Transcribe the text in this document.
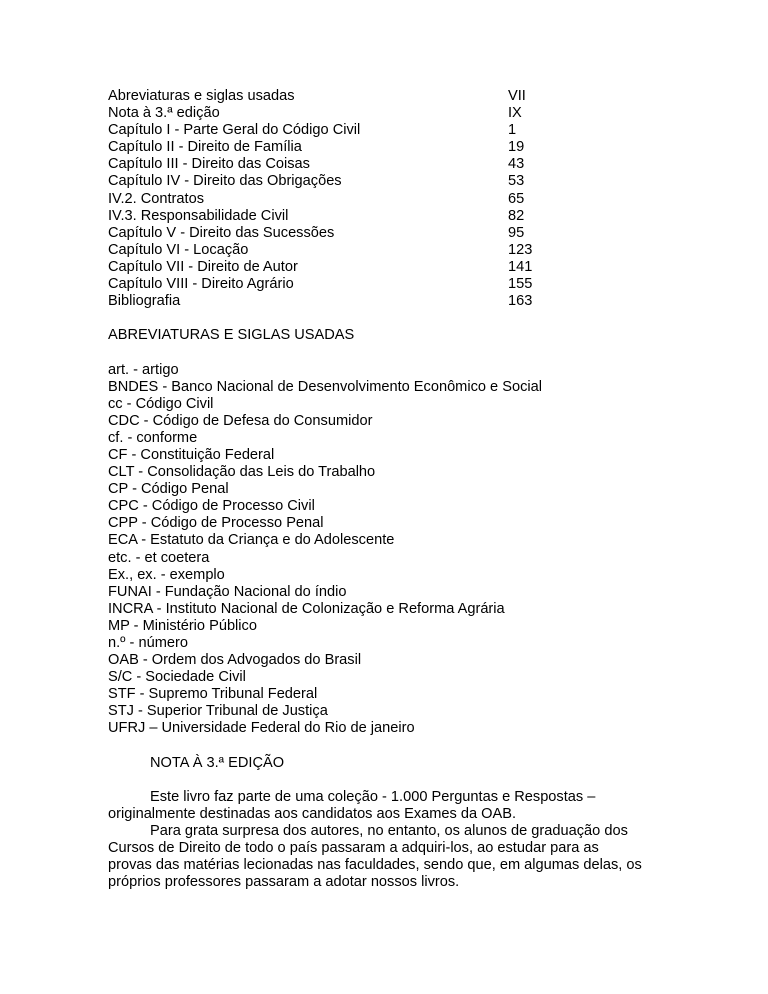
Abreviaturas e siglas usadas	VII
Nota à 3.ª edição	IX
Capítulo I - Parte Geral do Código Civil	1
Capítulo II - Direito de Família	19
Capítulo III - Direito das Coisas	43
Capítulo IV - Direito das Obrigações	53
IV.2. Contratos	65
IV.3. Responsabilidade Civil	82
Capítulo V - Direito das Sucessões	95
Capítulo VI - Locação	123
Capítulo VII - Direito de Autor	141
Capítulo VIII - Direito Agrário	155
Bibliografia	163
ABREVIATURAS E SIGLAS USADAS
art. - artigo
BNDES - Banco Nacional de Desenvolvimento Econômico e Social
cc - Código Civil
CDC - Código de Defesa do Consumidor
cf. - conforme
CF - Constituição Federal
CLT - Consolidação das Leis do Trabalho
CP - Código Penal
CPC - Código de Processo Civil
CPP - Código de Processo Penal
ECA - Estatuto da Criança e do Adolescente
etc. - et coetera
Ex., ex. - exemplo
FUNAI - Fundação Nacional do índio
INCRA - Instituto Nacional de Colonização e Reforma Agrária
MP - Ministério Público
n.º - número
OAB - Ordem dos Advogados do Brasil
S/C - Sociedade Civil
STF - Supremo Tribunal Federal
STJ - Superior Tribunal de Justiça
UFRJ – Universidade Federal do Rio de janeiro
NOTA À 3.ª EDIÇÃO
Este livro faz parte de uma coleção - 1.000 Perguntas e Respostas –
originalmente destinadas aos candidatos aos Exames da OAB.
Para grata surpresa dos autores, no entanto, os alunos de graduação dos
Cursos de Direito de todo o país passaram a adquiri-los, ao estudar para as
provas das matérias lecionadas nas faculdades, sendo que, em algumas delas, os
próprios professores passaram a adotar nossos livros.
